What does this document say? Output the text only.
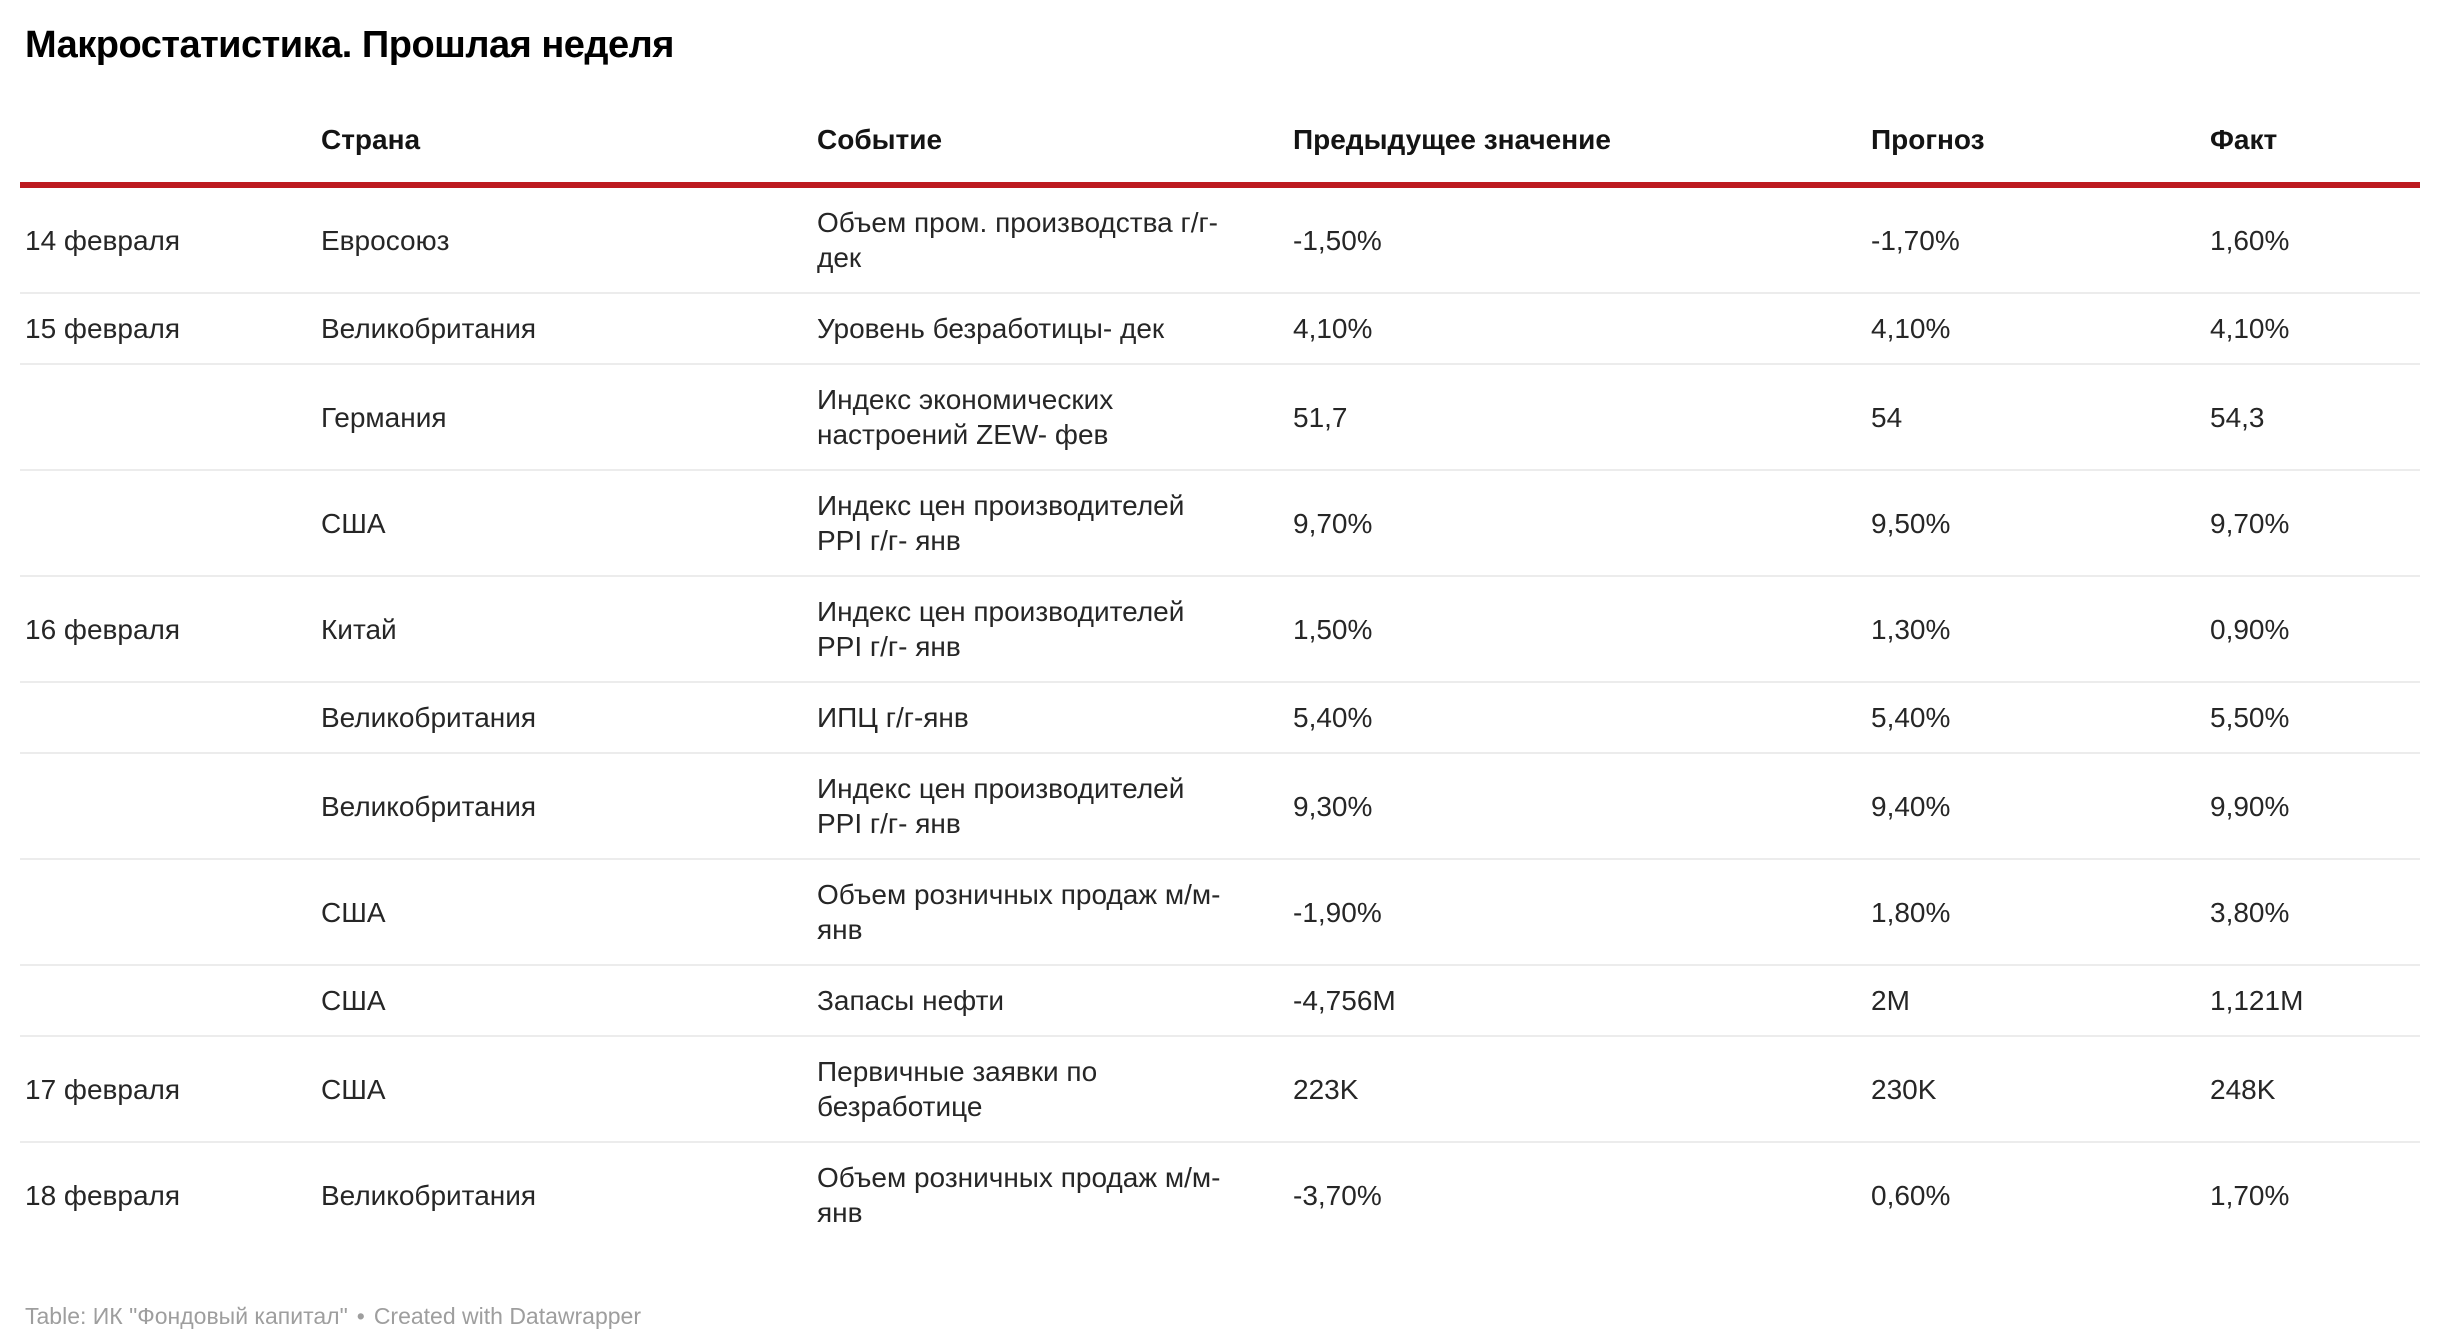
Макростатистика. Прошлая неделя
	Страна	Событие	Предыдущее значение	Прогноз	Факт
14 февраля	Евросоюз	Объем пром. производства г/г- дек	-1,50%	-1,70%	1,60%
15 февраля	Великобритания	Уровень безработицы- дек	4,10%	4,10%	4,10%
	Германия	Индекс экономических настроений ZEW- фев	51,7	54	54,3
	США	Индекс цен производителей PPI г/г- янв	9,70%	9,50%	9,70%
16 февраля	Китай	Индекс цен производителей PPI г/г- янв	1,50%	1,30%	0,90%
	Великобритания	ИПЦ г/г-янв	5,40%	5,40%	5,50%
	Великобритания	Индекс цен производителей PPI г/г- янв	9,30%	9,40%	9,90%
	США	Объем розничных продаж м/м- янв	-1,90%	1,80%	3,80%
	США	Запасы нефти	-4,756M	2M	1,121M
17 февраля	США	Первичные заявки по безработице	223K	230K	248K
18 февраля	Великобритания	Объем розничных продаж м/м- янв	-3,70%	0,60%	1,70%
Table: ИК "Фондовый капитал" • Created with Datawrapper
